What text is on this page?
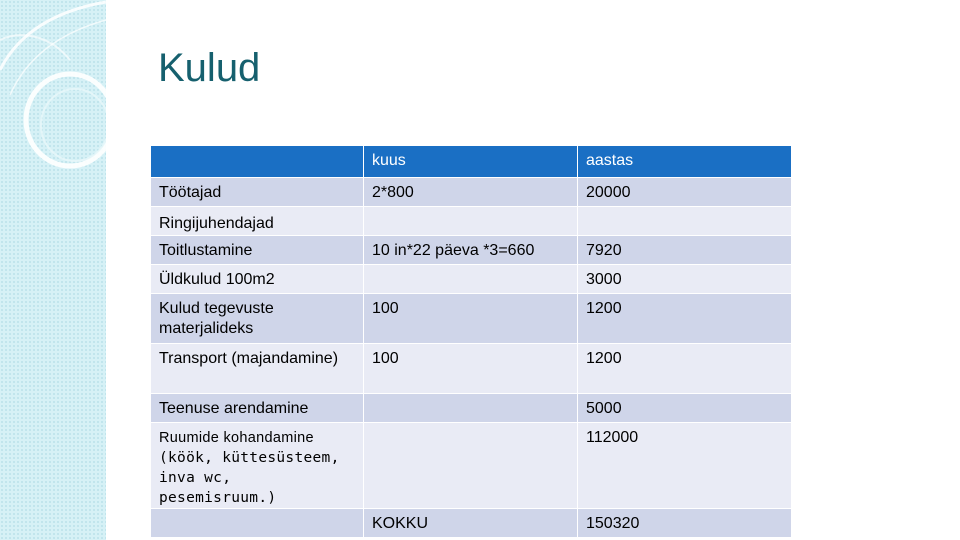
Kulud
	kuus	aastas
Töötajad	2*800	20000
Ringijuhendajad		
Toitlustamine	10 in*22 päeva *3=660	7920
Üldkulud 100m2		3000
Kulud tegevuste materjalideks	100	1200
Transport (majandamine)	100	1200
Teenuse arendamine		5000
Ruumide kohandamine (köök, küttesüsteem, inva wc, pesemisruum.)		112000
	KOKKU	150320
